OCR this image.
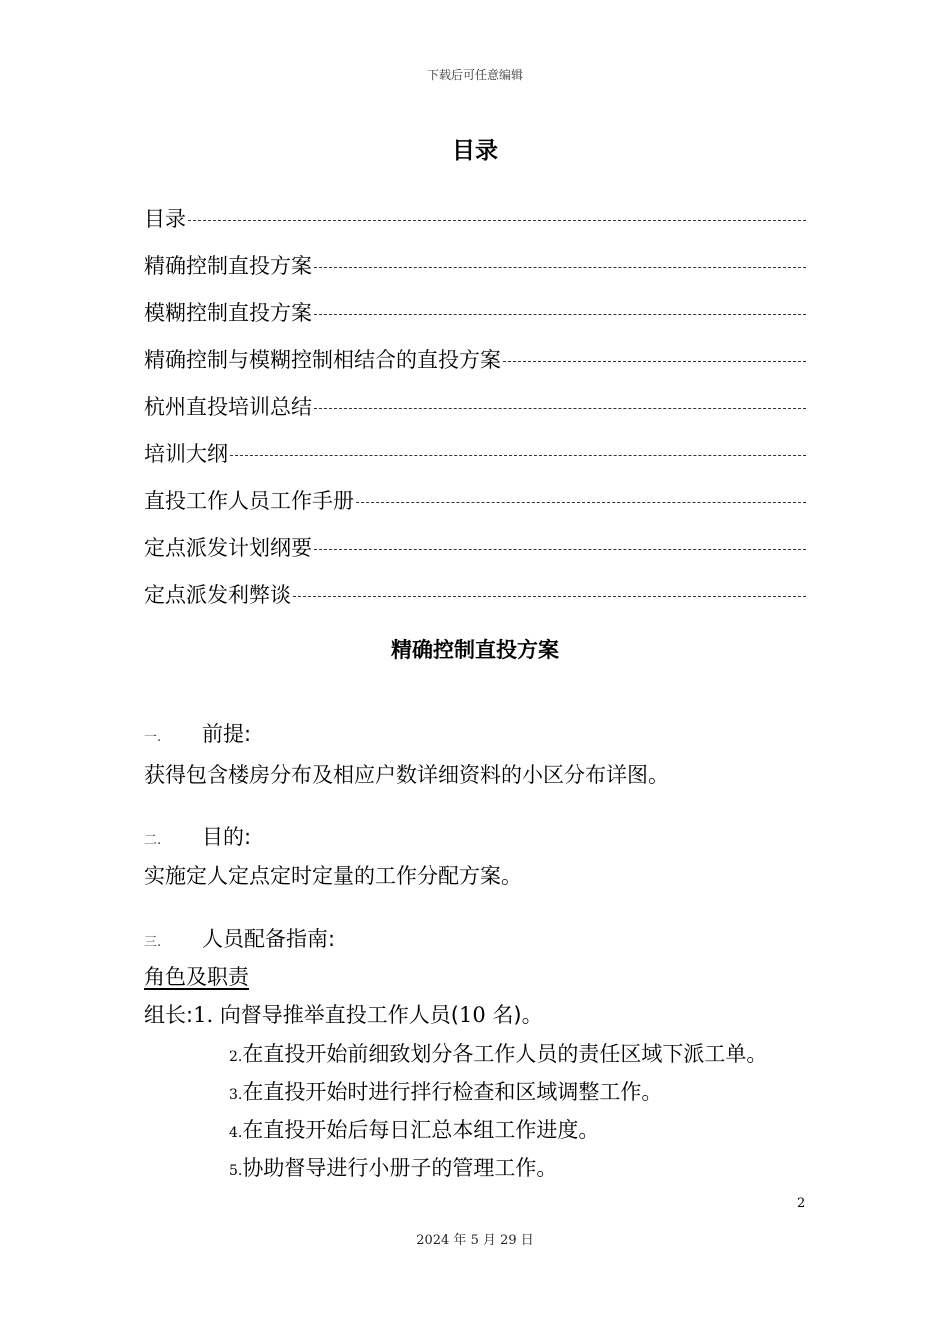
下载后可任意编辑
目录
目录
精确控制直投方案
模糊控制直投方案
精确控制与模糊控制相结合的直投方案
杭州直投培训总结
培训大纲
直投工作人员工作手册
定点派发计划纲要
定点派发利弊谈
精确控制直投方案
一.	前提:
获得包含楼房分布及相应户数详细资料的小区分布详图。
二.	目的:
实施定人定点定时定量的工作分配方案。
三.	人员配备指南:
角色及职责
组长:1. 向督导推举直投工作人员(10 名)。
2.在直投开始前细致划分各工作人员的责任区域下派工单。
3.在直投开始时进行拌行检查和区域调整工作。
4.在直投开始后每日汇总本组工作进度。
5.协助督导进行小册子的管理工作。
2
2024 年 5 月 29 日
